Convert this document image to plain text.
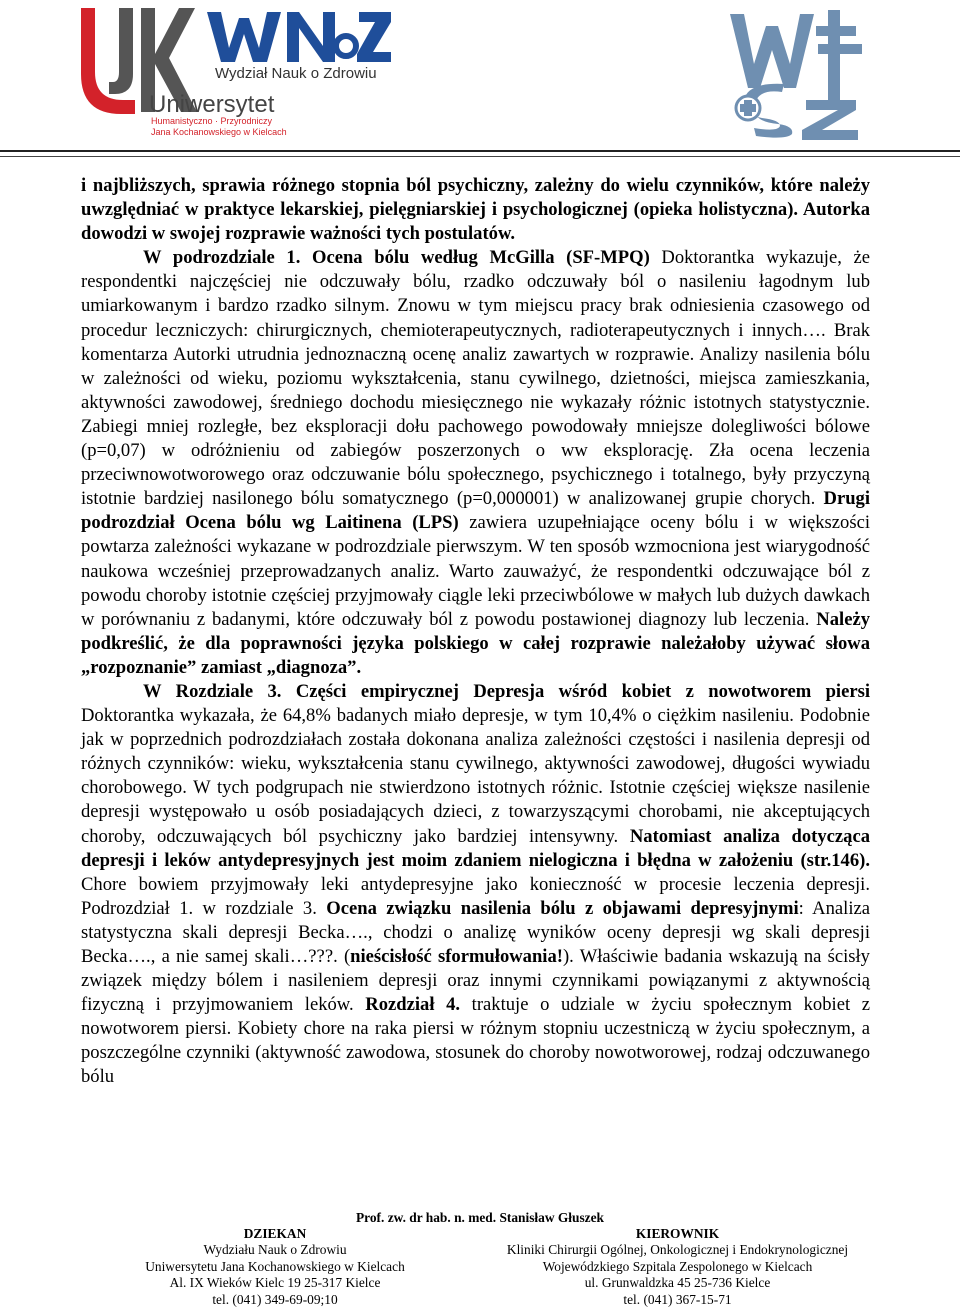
Wydział Nauk o Zdrowiu
Uniwersytet
Humanistyczno · Przyrodniczy
Jana Kochanowskiego w Kielcach

i najbliższych, sprawia różnego stopnia ból psychiczny, zależny do wielu czynników, które należy uwzględniać w praktyce lekarskiej, pielęgniarskiej i psychologicznej (opieka holistyczna). Autorka dowodzi w swojej rozprawie ważności tych postulatów.

W podrozdziale 1. Ocena bólu według McGilla (SF-MPQ) Doktorantka wykazuje, że respondentki najczęściej nie odczuwały bólu, rzadko odczuwały ból o nasileniu łagodnym lub umiarkowanym i bardzo rzadko silnym. Znowu w tym miejscu pracy brak odniesienia czasowego od procedur leczniczych: chirurgicznych, chemioterapeutycznych, radioterapeutycznych i innych…. Brak komentarza Autorki utrudnia jednoznaczną ocenę analiz zawartych w rozprawie. Analizy nasilenia bólu w zależności od wieku, poziomu wykształcenia, stanu cywilnego, dzietności, miejsca zamieszkania, aktywności zawodowej, średniego dochodu miesięcznego nie wykazały różnic istotnych statystycznie. Zabiegi mniej rozległe, bez eksploracji dołu pachowego powodowały mniejsze dolegliwości bólowe (p=0,07) w odróżnieniu od zabiegów poszerzonych o ww eksplorację. Zła ocena leczenia przeciwnowotworowego oraz odczuwanie bólu społecznego, psychicznego i totalnego, były przyczyną istotnie bardziej nasilonego bólu somatycznego (p=0,000001) w analizowanej grupie chorych. Drugi podrozdział Ocena bólu wg Laitinena (LPS) zawiera uzupełniające oceny bólu i w większości powtarza zależności wykazane w podrozdziale pierwszym. W ten sposób wzmocniona jest wiarygodność naukowa wcześniej przeprowadzanych analiz. Warto zauważyć, że respondentki odczuwające ból z powodu choroby istotnie częściej przyjmowały ciągle leki przeciwbólowe w małych lub dużych dawkach w porównaniu z badanymi, które odczuwały ból z powodu postawionej diagnozy lub leczenia. Należy podkreślić, że dla poprawności języka polskiego w całej rozprawie należałoby używać słowa „rozpoznanie” zamiast „diagnoza”.

W Rozdziale 3. Części empirycznej Depresja wśród kobiet z nowotworem piersi Doktorantka wykazała, że 64,8% badanych miało depresje, w tym 10,4% o ciężkim nasileniu. Podobnie jak w poprzednich podrozdziałach została dokonana analiza zależności częstości i nasilenia depresji od różnych czynników: wieku, wykształcenia stanu cywilnego, aktywności zawodowej, długości wywiadu chorobowego. W tych podgrupach nie stwierdzono istotnych różnic. Istotnie częściej większe nasilenie depresji występowało u osób posiadających dzieci, z towarzyszącymi chorobami, nie akceptujących choroby, odczuwających ból psychiczny jako bardziej intensywny. Natomiast analiza dotycząca depresji i leków antydepresyjnych jest moim zdaniem nielogiczna i błędna w założeniu (str.146). Chore bowiem przyjmowały leki antydepresyjne jako konieczność w procesie leczenia depresji. Podrozdział 1. w rozdziale 3. Ocena związku nasilenia bólu z objawami depresyjnymi: Analiza statystyczna skali depresji Becka…., chodzi o analizę wyników oceny depresji wg skali depresji Becka…., a nie samej skali…???. (nieścisłość sformułowania!). Właściwie badania wskazują na ścisły związek między bólem i nasileniem depresji oraz innymi czynnikami powiązanymi z aktywnością fizyczną i przyjmowaniem leków. Rozdział 4. traktuje o udziale w życiu społecznym kobiet z nowotworem piersi. Kobiety chore na raka piersi w różnym stopniu uczestniczą w życiu społecznym, a poszczególne czynniki (aktywność zawodowa, stosunek do choroby nowotworowej, rodzaj odczuwanego bólu

Prof. zw. dr hab. n. med. Stanisław Głuszek
DZIEKAN
Wydziału Nauk o Zdrowiu
Uniwersytetu Jana Kochanowskiego w Kielcach
Al. IX Wieków Kielc 19 25-317 Kielce
tel. (041) 349-69-09;10
KIEROWNIK
Kliniki Chirurgii Ogólnej, Onkologicznej i Endokrynologicznej
Wojewódzkiego Szpitala Zespolonego w Kielcach
ul. Grunwaldzka 45 25-736 Kielce
tel. (041) 367-15-71
